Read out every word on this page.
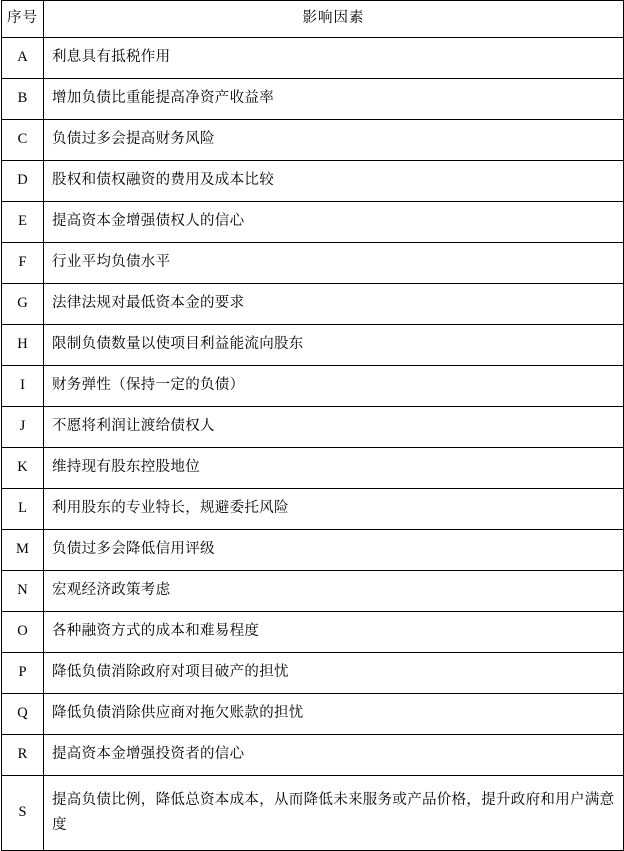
序号	影响因素
A	利息具有抵税作用
B	增加负债比重能提高净资产收益率
C	负债过多会提高财务风险
D	股权和债权融资的费用及成本比较
E	提高资本金增强债权人的信心
F	行业平均负债水平
G	法律法规对最低资本金的要求
H	限制负债数量以使项目利益能流向股东
I	财务弹性（保持一定的负债）
J	不愿将利润让渡给债权人
K	维持现有股东控股地位
L	利用股东的专业特长，规避委托风险
M	负债过多会降低信用评级
N	宏观经济政策考虑
O	各种融资方式的成本和难易程度
P	降低负债消除政府对项目破产的担忧
Q	降低负债消除供应商对拖欠账款的担忧
R	提高资本金增强投资者的信心
S	提高负债比例，降低总资本成本，从而降低未来服务或产品价格，提升政府和用户满意度
